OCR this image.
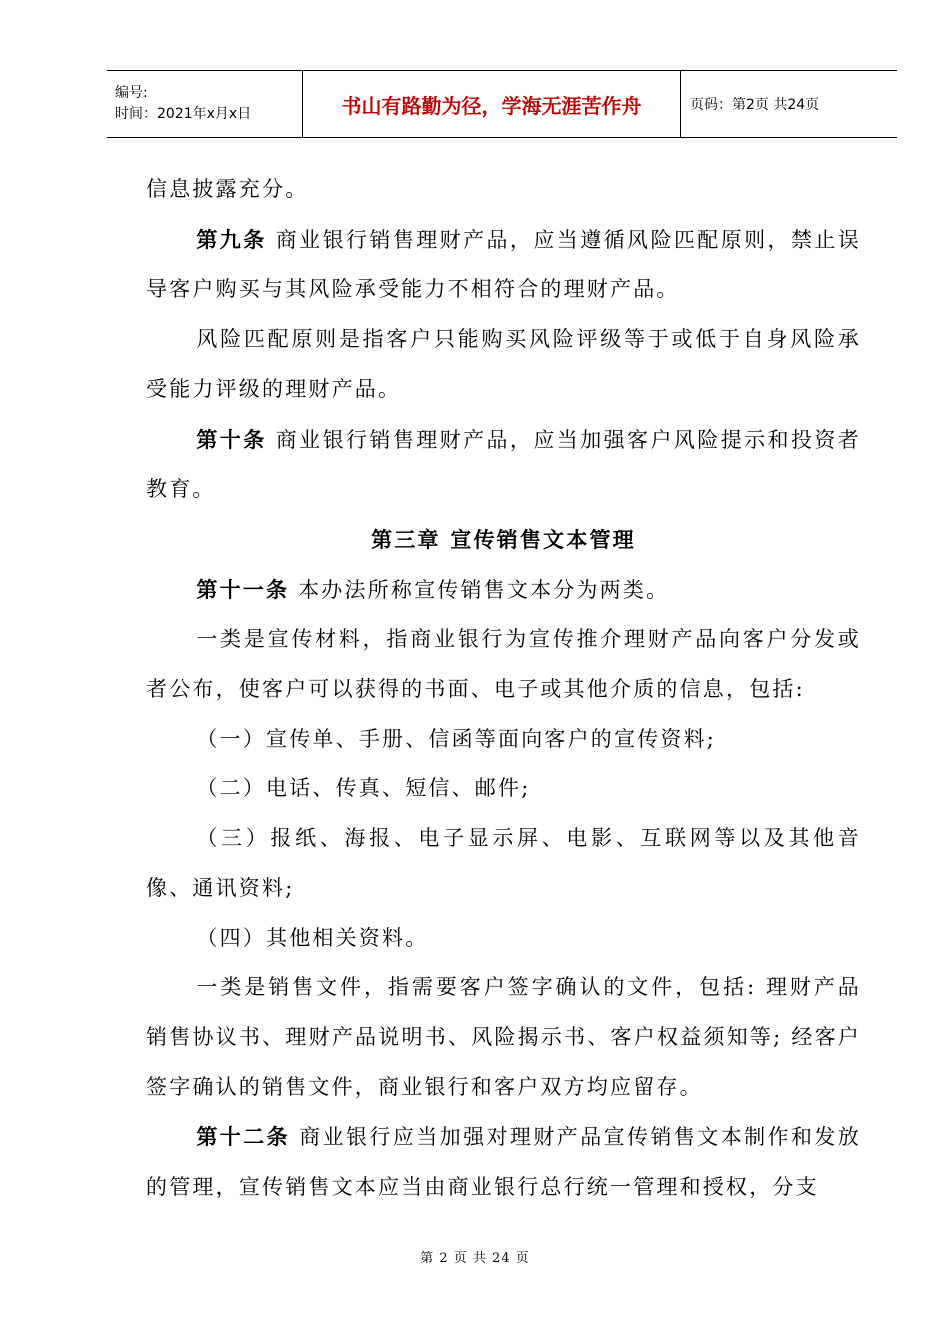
编号:
时间：2021年x月x日	书山有路勤为径，学海无涯苦作舟	页码：第2页 共24页

信息披露充分。

第九条 商业银行销售理财产品，应当遵循风险匹配原则，禁止误导客户购买与其风险承受能力不相符合的理财产品。

风险匹配原则是指客户只能购买风险评级等于或低于自身风险承受能力评级的理财产品。

第十条 商业银行销售理财产品，应当加强客户风险提示和投资者教育。

第三章 宣传销售文本管理

第十一条 本办法所称宣传销售文本分为两类。

一类是宣传材料，指商业银行为宣传推介理财产品向客户分发或者公布，使客户可以获得的书面、电子或其他介质的信息，包括:

（一）宣传单、手册、信函等面向客户的宣传资料;

（二）电话、传真、短信、邮件;

（三）报纸、海报、电子显示屏、电影、互联网等以及其他音像、通讯资料;

（四）其他相关资料。

一类是销售文件，指需要客户签字确认的文件，包括: 理财产品销售协议书、理财产品说明书、风险揭示书、客户权益须知等; 经客户签字确认的销售文件，商业银行和客户双方均应留存。

第十二条 商业银行应当加强对理财产品宣传销售文本制作和发放的管理，宣传销售文本应当由商业银行总行统一管理和授权，分支

第 2 页 共 24 页
